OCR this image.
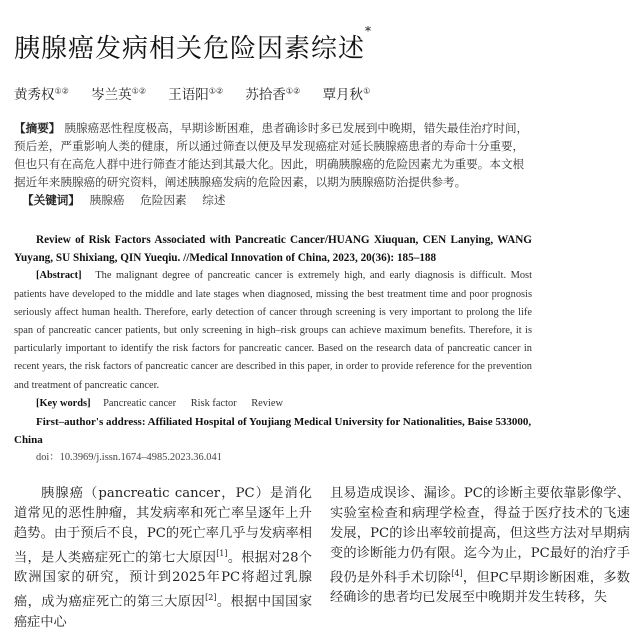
胰腺癌发病相关危险因素综述*
黄秀权①② 岑兰英①② 王语阳①② 苏拾香①② 覃月秋①
【摘要】 胰腺癌恶性程度极高，早期诊断困难，患者确诊时多已发展到中晚期，错失最佳治疗时间，预后差，严重影响人类的健康，所以通过筛查以便及早发现癌症对延长胰腺癌患者的寿命十分重要，但也只有在高危人群中进行筛查才能达到其最大化。因此，明确胰腺癌的危险因素尤为重要。本文根据近年来胰腺癌的研究资料，阐述胰腺癌发病的危险因素，以期为胰腺癌防治提供参考。
【关键词】 胰腺癌 危险因素 综述
Review of Risk Factors Associated with Pancreatic Cancer/HUANG Xiuquan, CEN Lanying, WANG Yuyang, SU Shixiang, QIN Yueqiu. //Medical Innovation of China, 2023, 20(36): 185–188
[Abstract] The malignant degree of pancreatic cancer is extremely high, and early diagnosis is difficult. Most patients have developed to the middle and late stages when diagnosed, missing the best treatment time and poor prognosis seriously affect human health. Therefore, early detection of cancer through screening is very important to prolong the life span of pancreatic cancer patients, but only screening in high–risk groups can achieve maximum benefits. Therefore, it is particularly important to identify the risk factors for pancreatic cancer. Based on the research data of pancreatic cancer in recent years, the risk factors of pancreatic cancer are described in this paper, in order to provide reference for the prevention and treatment of pancreatic cancer.
[Key words] Pancreatic cancer Risk factor Review
First–author's address: Affiliated Hospital of Youjiang Medical University for Nationalities, Baise 533000, China
doi：10.3969/j.issn.1674–4985.2023.36.041
胰腺癌（pancreatic cancer，PC）是消化道常见的恶性肿瘤，其发病率和死亡率呈逐年上升趋势。由于预后不良，PC的死亡率几乎与发病率相当，是人类癌症死亡的第七大原因[1]。根据对28个欧洲国家的研究，预计到2025年PC将超过乳腺癌，成为癌症死亡的第三大原因[2]。根据中国国家癌症中心
且易造成误诊、漏诊。PC的诊断主要依靠影像学、实验室检查和病理学检查，得益于医疗技术的飞速发展，PC的诊出率较前提高，但这些方法对早期病变的诊断能力仍有限。迄今为止，PC最好的治疗手段仍是外科手术切除[4]，但PC早期诊断困难，多数经确诊的患者均已发展至中晚期并发生转移，失
